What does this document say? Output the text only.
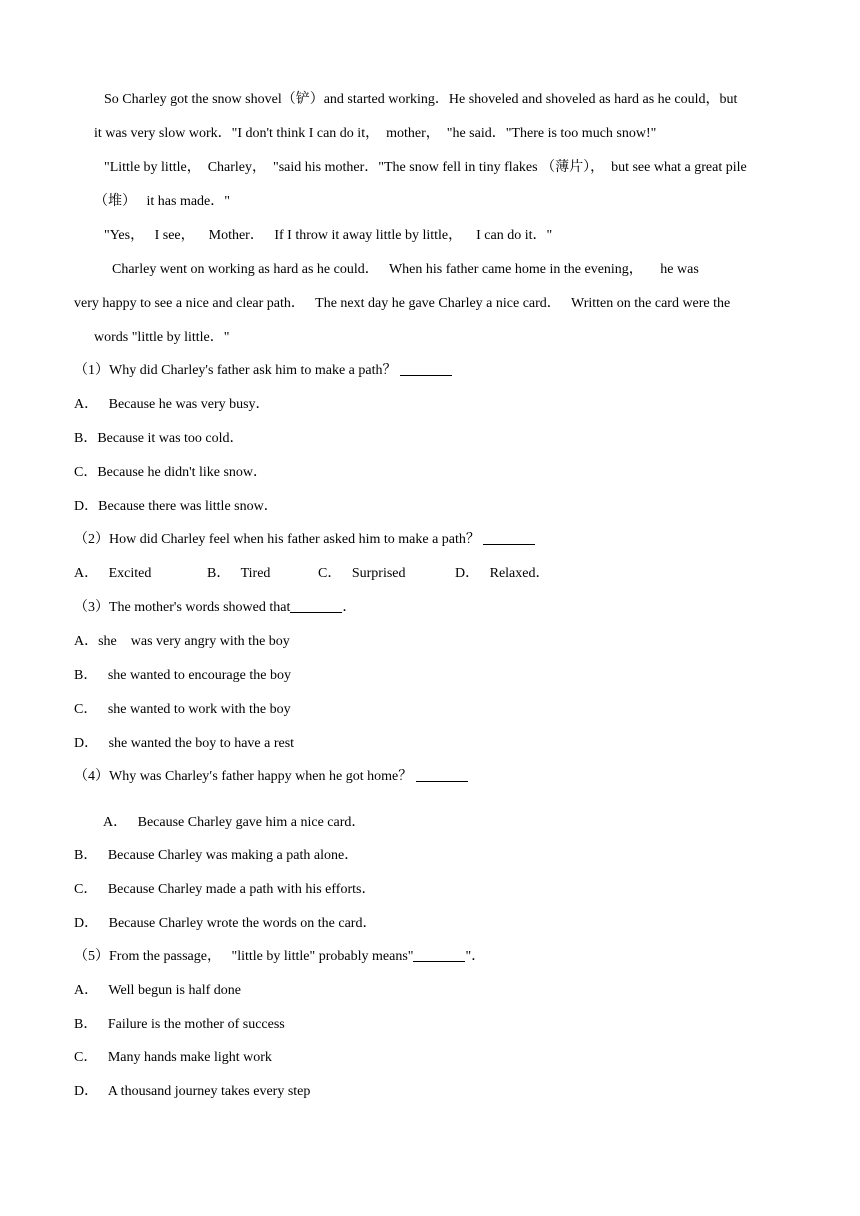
So Charley got the snow shovel（铲）and started working．He shoveled and shoveled as hard as he could，but
it was very slow work．"I don't think I can do it，  mother，  "he said．"There is too much snow!"
"Little by little，  Charley，  "said his mother．"The snow fell in tiny flakes （薄片），  but see what a great pile
（堆）   it has made．"
"Yes，   I see，    Mother．   If I throw it away little by little，    I can do it．"
Charley went on working as hard as he could．   When his father came home in the evening，     he was
very happy to see a nice and clear path．   The next day he gave Charley a nice card．   Written on the card were the
words "little by little．"
（1）Why did Charley's father ask him to make a path？
A．   Because he was very busy．
B．Because it was too cold．
C．Because he didn't like snow．
D．Because there was little snow．
（2）How did Charley feel when his father asked him to make a path？
A．   Excited	B．   Tired	C．   Surprised	D．   Relaxed．
（3）The mother's words showed that	．
A．she    was very angry with the boy
B．   she wanted to encourage the boy
C．   she wanted to work with the boy
D．   she wanted the boy to have a rest
（4）Why was Charley′s father happy when he got home？
A．   Because Charley gave him a nice card．
B．   Because Charley was making a path alone．
C．   Because Charley made a path with his efforts．
D．   Because Charley wrote the words on the card．
（5）From the passage，   "little by little" probably means"	"．
A．   Well begun is half done
B．   Failure is the mother of success
C．   Many hands make light work
D．   A thousand journey takes every step
